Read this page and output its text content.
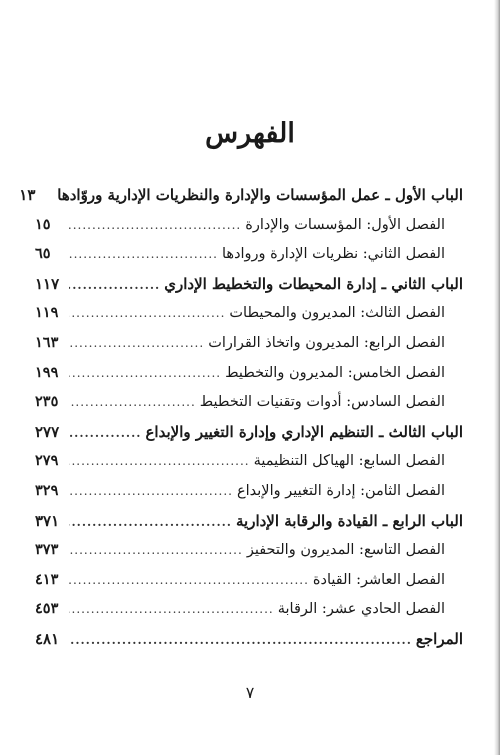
الفهرس
الباب الأول ـ عمل المؤسسات والإدارة والنظريات الإدارية وروّادها
١٣
الفصل الأول: المؤسسات والإدارة
.....
١٥
الفصل الثاني: نظريات الإدارة وروادها
.....
٦٥
الباب الثاني ـ إدارة المحيطات والتخطيط الإداري
.....
١١٧
الفصل الثالث: المديرون والمحيطات
.....
١١٩
الفصل الرابع: المديرون واتخاذ القرارات
.....
١٦٣
الفصل الخامس: المديرون والتخطيط
.....
١٩٩
الفصل السادس: أدوات وتقنيات التخطيط
.....
٢٣٥
الباب الثالث ـ التنظيم الإداري وإدارة التغيير والإبداع
.....
٢٧٧
الفصل السابع: الهياكل التنظيمية
.....
٢٧٩
الفصل الثامن: إدارة التغيير والإبداع
.....
٣٢٩
الباب الرابع ـ القيادة والرقابة الإدارية
.....
٣٧١
الفصل التاسع: المديرون والتحفيز
.....
٣٧٣
الفصل العاشر: القيادة
.....
٤١٣
الفصل الحادي عشر: الرقابة
.....
٤٥٣
المراجع
.....
٤٨١
٧
